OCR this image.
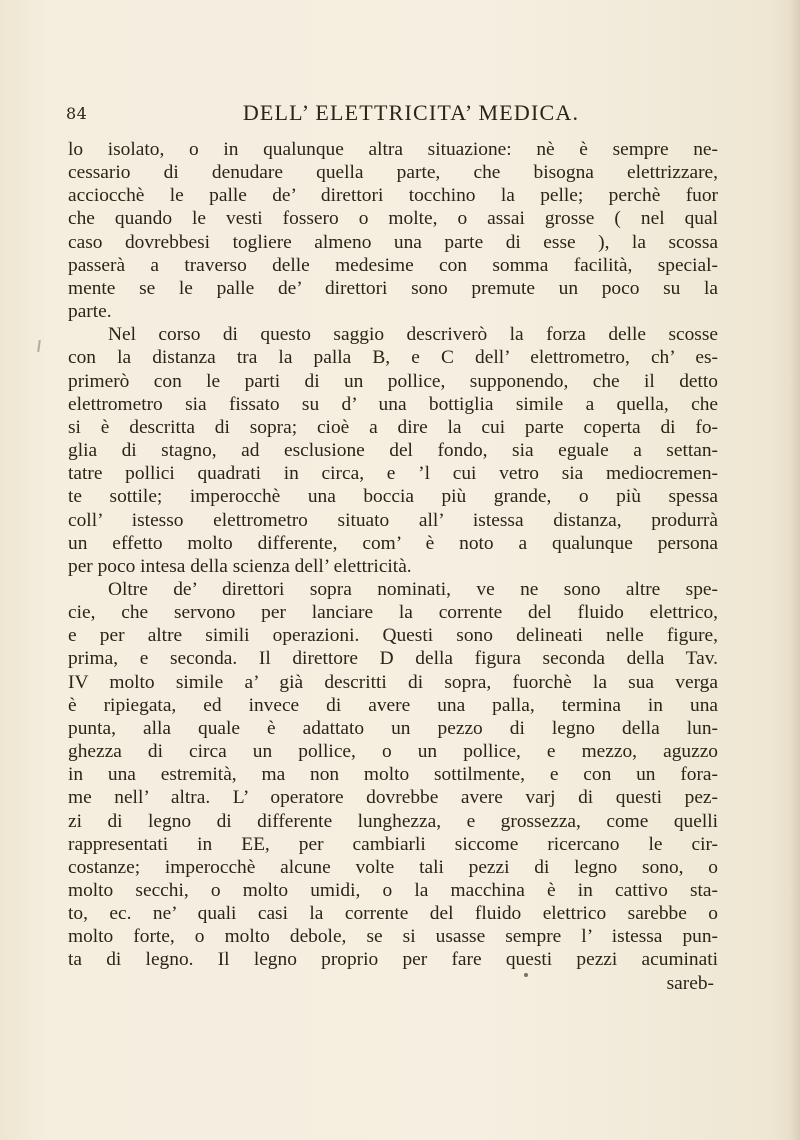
84	DELL’ ELETTRICITA’ MEDICA.
lo isolato, o in qualunque altra situazione: nè è sempre ne-
cessario di denudare quella parte, che bisogna elettrizzare,
acciocchè le palle de’ direttori tocchino la pelle; perchè fuor
che quando le vesti fossero o molte, o assai grosse ( nel qual
caso dovrebbesi togliere almeno una parte di esse ), la scossa
passerà a traverso delle medesime con somma facilità, special-
mente se le palle de’ direttori sono premute un poco su la
parte.
Nel corso di questo saggio descriverò la forza delle scosse
con la distanza tra la palla B, e C dell’ elettrometro, ch’ es-
primerò con le parti di un pollice, supponendo, che il detto
elettrometro sia fissato su d’ una bottiglia simile a quella, che
si è descritta di sopra; cioè a dire la cui parte coperta di fo-
glia di stagno, ad esclusione del fondo, sia eguale a settan-
tatre pollici quadrati in circa, e ’l cui vetro sia mediocremen-
te sottile; imperocchè una boccia più grande, o più spessa
coll’ istesso elettrometro situato all’ istessa distanza, produrrà
un effetto molto differente, com’ è noto a qualunque persona
per poco intesa della scienza dell’ elettricità.
Oltre de’ direttori sopra nominati, ve ne sono altre spe-
cie, che servono per lanciare la corrente del fluido elettrico,
e per altre simili operazioni. Questi sono delineati nelle figure,
prima, e seconda. Il direttore D della figura seconda della Tav.
IV molto simile a’ già descritti di sopra, fuorchè la sua verga
è ripiegata, ed invece di avere una palla, termina in una
punta, alla quale è adattato un pezzo di legno della lun-
ghezza di circa un pollice, o un pollice, e mezzo, aguzzo
in una estremità, ma non molto sottilmente, e con un fora-
me nell’ altra. L’ operatore dovrebbe avere varj di questi pez-
zi di legno di differente lunghezza, e grossezza, come quelli
rappresentati in EE, per cambiarli siccome ricercano le cir-
costanze; imperocchè alcune volte tali pezzi di legno sono, o
molto secchi, o molto umidi, o la macchina è in cattivo sta-
to, ec. ne’ quali casi la corrente del fluido elettrico sarebbe o
molto forte, o molto debole, se si usasse sempre l’ istessa pun-
ta di legno. Il legno proprio per fare questi pezzi acuminati
sareb-
